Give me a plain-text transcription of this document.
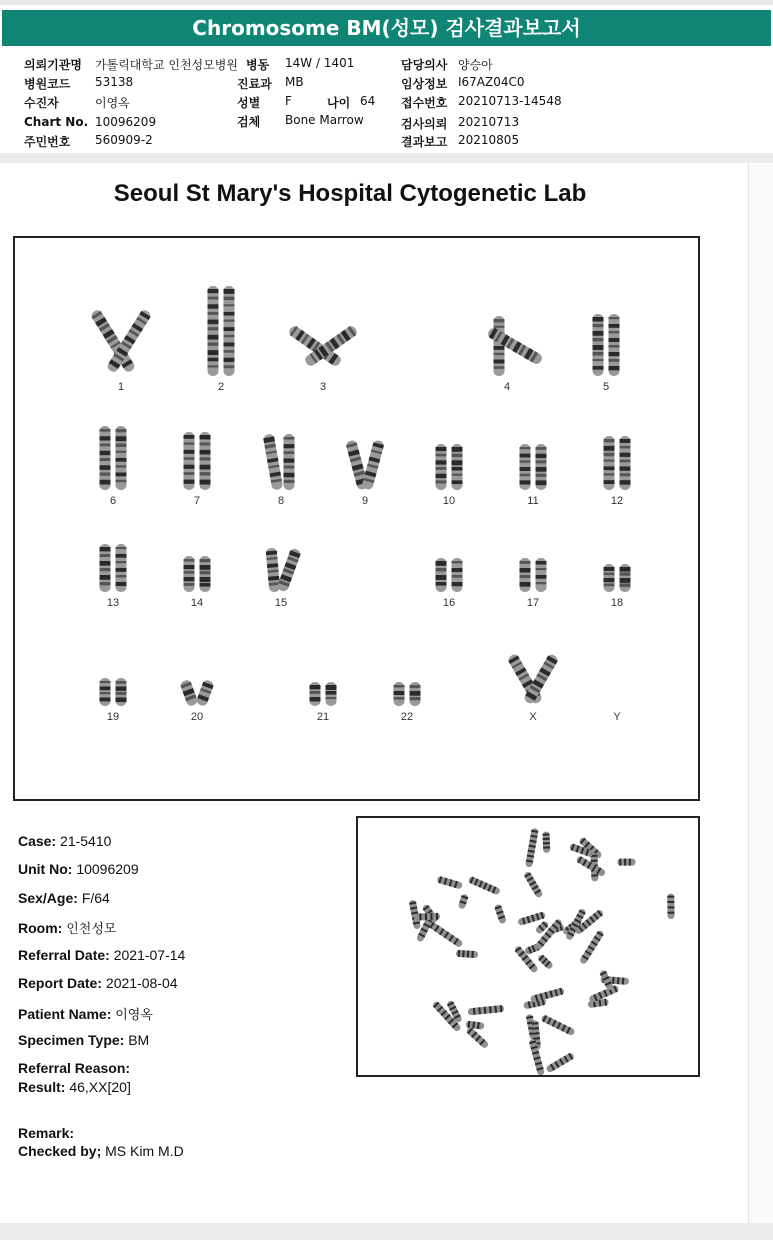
Chromosome BM(성모) 검사결과보고서
의뢰기관명 가톨릭대학교 인천성모병원 병동 14W / 1401	담당의사 양승아
병원코드 53138	진료과 MB	임상정보 I67AZ04C0
수진자	이영옥	성별 F	나이 64 접수번호 20210713-14548
Chart No. 10096209	검체 Bone Marrow	검사의뢰 20210713
주민번호 560909-2	결과보고 20210805
Seoul St Mary's Hospital Cytogenetic Lab
1	2	3	4	5
6	7	8	9	10	11	12
13	14	15	16	17	18
19	20	21	22	X	Y
Case: 21-5410
Unit No: 10096209
Sex/Age: F/64
Room: 인천성모
Referral Date: 2021-07-14
Report Date: 2021-08-04
Patient Name: 이영옥
Specimen Type: BM
Referral Reason:
Result: 46,XX[20]
Remark:
Checked by; MS Kim M.D
